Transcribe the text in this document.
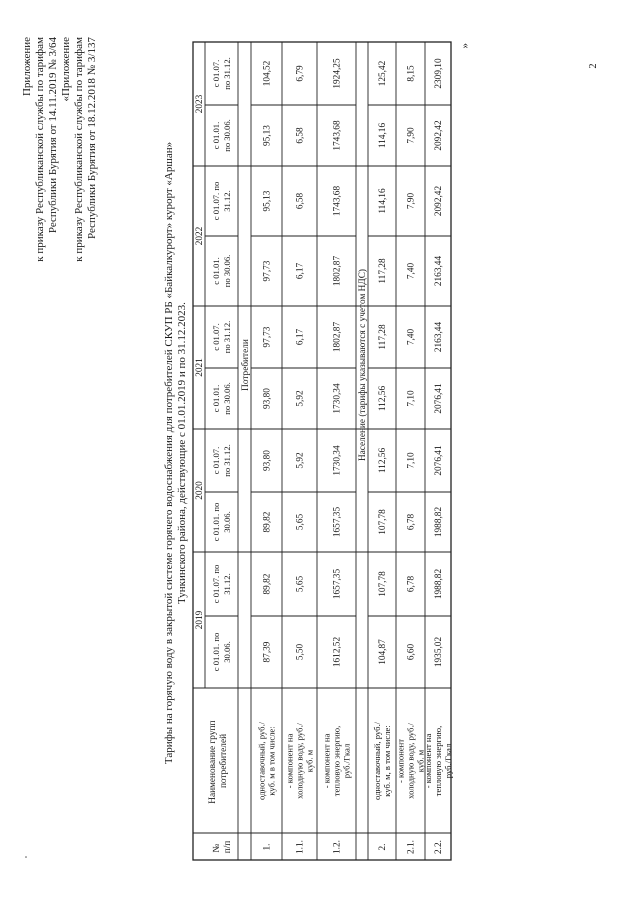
Приложение к приказу Республиканской службы по тарифам Республики Бурятия от 14.11.2019 № 3/64 «Приложение к приказу Республиканской службы по тарифам Республики Бурятия от 18.12.2018 № 3/137
Тарифы на горячую воду в закрытой системе горячего водоснабжения для потребителей СКУП РБ «Байкалкурорт» курорт «Аршан» Тункинского района, действующие с 01.01.2019 и по 31.12.2023.
№ п/п
Наименование групп потребителей
2019
2020
2021
2022
2023
с 01.01. по30.06.
с 01.07. по31.12.
с 01.01. по30.06.
с 01.07.по 31.12.
с 01.01.по 30.06.
с 01.07.по 31.12.
с 01.01.по 30.06.
с 01.07. по31.12.
с 01.01.по 30.06.
с 01.07.по 31.12.
Потребители	Население (тарифы указываются с учетом НДС)
1.
одноставочный, руб./куб. м в том числе:
87,39
89,82
89,82
93,80
93,80
97,73
97,73
95,13
95,13
104,52
1.1.
- компонент нахолодную воду, руб./куб. м
5,50
5,65
5,65
5,92
5,92
6,17
6,17
6,58
6,58
6,79
1.2.
- компонент натепловую энергию,руб./Гкал
1612,52
1657,35
1657,35
1730,34
1730,34
1802,87
1802,87
1743,68
1743,68
1924,25
2.
одноставочный, руб./куб. м, в том числе:
104,87
107,78
107,78
112,56
112,56
117,28
117,28
114,16
114,16
125,42
2.1.
- компонентхолодную воду, руб./куб. м
6,60
6,78
6,78
7,10
7,10
7,40
7,40
7,90
7,90
8,15
2.2.
- компонент натепловую энергию,руб./Гкал
1935,02
1988,82
1988,82
2076,41
2076,41
2163,44
2163,44
2092,42
2092,42
2309,10
»
2
